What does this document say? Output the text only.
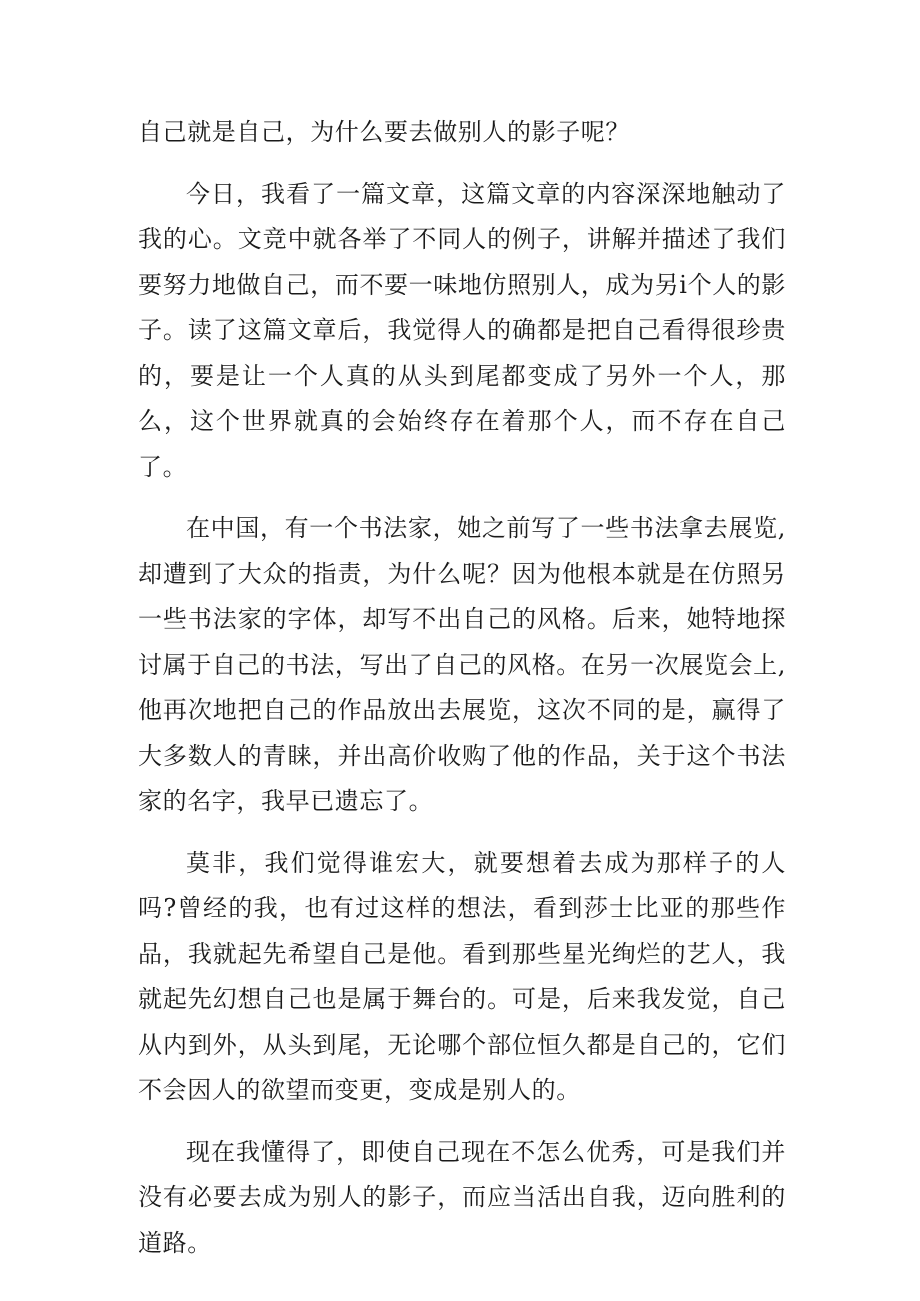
自己就是自己，为什么要去做别人的影子呢？

今日，我看了一篇文章，这篇文章的内容深深地触动了我的心。文竞中就各举了不同人的例子，讲解并描述了我们要努力地做自己，而不要一味地仿照别人，成为另i个人的影子。读了这篇文章后，我觉得人的确都是把自己看得很珍贵的，要是让一个人真的从头到尾都变成了另外一个人，那么，这个世界就真的会始终存在着那个人，而不存在自己了。

在中国，有一个书法家，她之前写了一些书法拿去展览,却遭到了大众的指责，为什么呢？因为他根本就是在仿照另一些书法家的字体，却写不出自己的风格。后来，她特地探讨属于自己的书法，写出了自己的风格。在另一次展览会上,他再次地把自己的作品放出去展览，这次不同的是，赢得了大多数人的青睐，并出高价收购了他的作品，关于这个书法家的名字，我早已遗忘了。

莫非，我们觉得谁宏大，就要想着去成为那样子的人吗?曾经的我，也有过这样的想法，看到莎士比亚的那些作品，我就起先希望自己是他。看到那些星光绚烂的艺人，我就起先幻想自己也是属于舞台的。可是，后来我发觉，自己从内到外，从头到尾，无论哪个部位恒久都是自己的，它们不会因人的欲望而变更，变成是别人的。

现在我懂得了，即使自己现在不怎么优秀，可是我们并没有必要去成为别人的影子，而应当活出自我，迈向胜利的道路。
